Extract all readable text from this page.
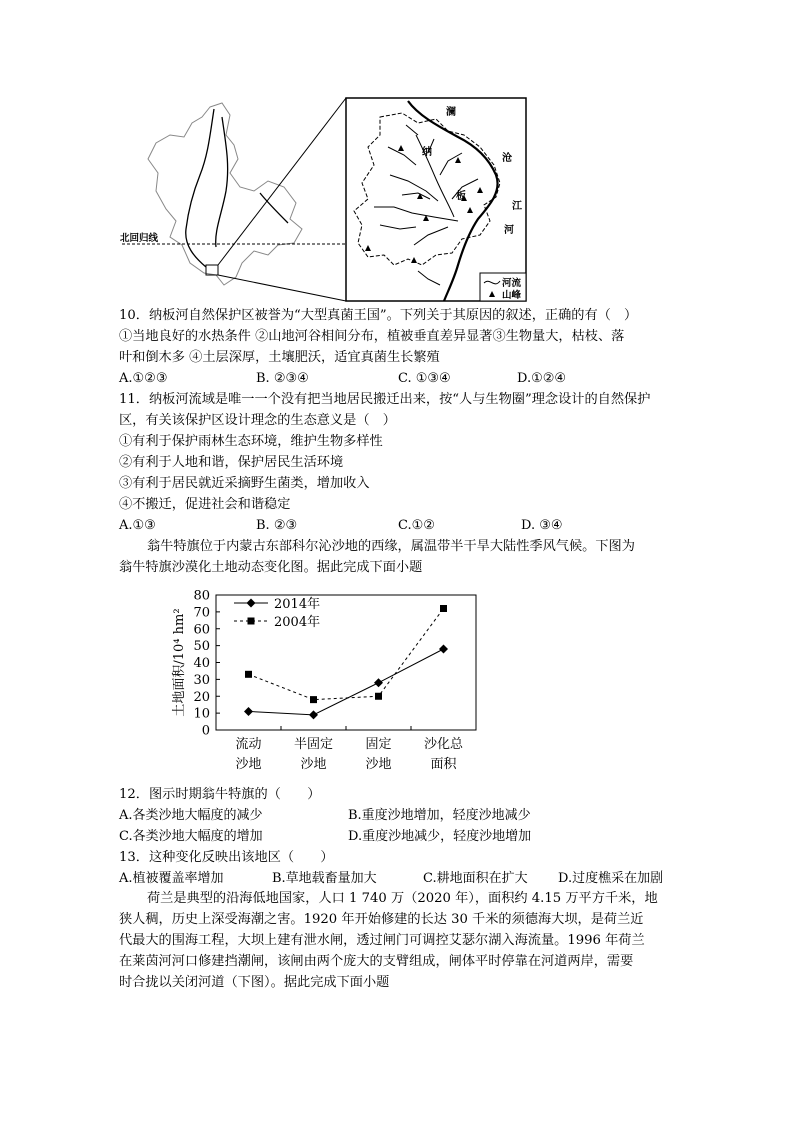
北回归线
澜
纳
沧
板
江
河
河流
山峰
10．纳板河自然保护区被誉为“大型真菌王国”。下列关于其原因的叙述，正确的有（　）
①当地良好的水热条件 ②山地河谷相间分布，植被垂直差异显著③生物量大，枯枝、落
叶和倒木多 ④土层深厚，土壤肥沃，适宜真菌生长繁殖
A.①②③	B. ②③④	C. ①③④	D.①②④
11．纳板河流域是唯一一个没有把当地居民搬迁出来，按“人与生物圈”理念设计的自然保护
区，有关该保护区设计理念的生态意义是（　）
①有利于保护雨林生态环境，维护生物多样性
②有利于人地和谐，保护居民生活环境
③有利于居民就近采摘野生菌类，增加收入
④不搬迁，促进社会和谐稳定
A.①③	B. ②③	C.①②	D. ③④
翁牛特旗位于内蒙古东部科尔沁沙地的西缘，属温带半干旱大陆性季风气候。下图为
翁牛特旗沙漠化土地动态变化图。据此完成下面小题
0
10
20
30
40
50
60
70
80
流动
沙地
半固定
沙地
固定
沙地
沙化总
面积
2014年
2004年
土地面积/10⁴ hm²
12．图示时期翁牛特旗的（　　）
A.各类沙地大幅度的减少	B.重度沙地增加，轻度沙地减少
C.各类沙地大幅度的增加	D.重度沙地减少，轻度沙地增加
13．这种变化反映出该地区（　　）
A.植被覆盖率增加	B.草地载畜量加大	C.耕地面积在扩大 D.过度樵采在加剧
荷兰是典型的沿海低地国家，人口 1 740 万（2020 年），面积约 4.15 万平方千米，地
狭人稠，历史上深受海潮之害。1920 年开始修建的长达 30 千米的须德海大坝，是荷兰近
代最大的围海工程，大坝上建有泄水闸，透过闸门可调控艾瑟尔湖入海流量。1996 年荷兰
在莱茵河河口修建挡潮闸，该闸由两个庞大的支臂组成，闸体平时停靠在河道两岸，需要
时合拢以关闭河道（下图）。据此完成下面小题
